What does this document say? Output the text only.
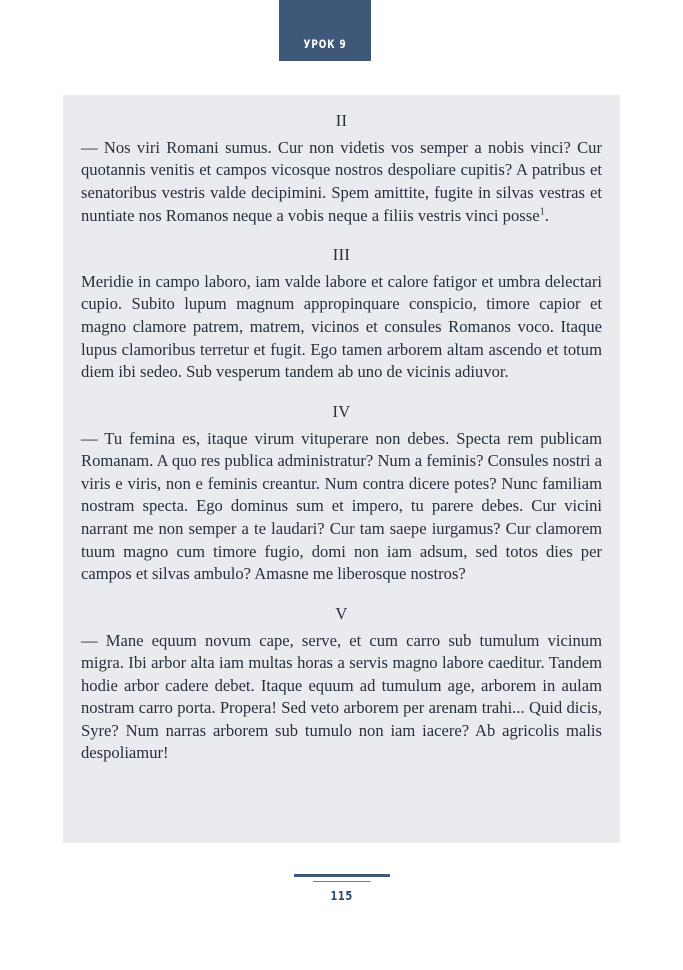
УРОК 9
II

— Nos viri Romani sumus. Cur non videtis vos semper a nobis vinci? Cur quotannis venitis et campos vicosque nostros despoliare cupitis? A patribus et senatoribus vestris valde decipimini. Spem amittite, fugite in silvas vestras et nuntiate nos Romanos neque a vobis neque a filiis vestris vinci posse$^1$.

III

Meridie in campo laboro, iam valde labore et calore fatigor et umbra delectari cupio. Subito lupum magnum appropinquare conspicio, timore capior et magno clamore patrem, matrem, vicinos et consules Romanos voco. Itaque lupus clamoribus terretur et fugit. Ego tamen arborem altam ascendo et totum diem ibi sedeo. Sub vesperum tandem ab uno de vicinis adiuvor.

IV

— Tu femina es, itaque virum vituperare non debes. Specta rem publicam Romanam. A quo res publica administratur? Num a feminis? Consules nostri a viris e viris, non e feminis creantur. Num contra dicere potes? Nunc familiam nostram specta. Ego dominus sum et impero, tu parere debes. Cur vicini narrant me non semper a te laudari? Cur tam saepe iurgamus? Cur clamorem tuum magno cum timore fugio, domi non iam adsum, sed totos dies per campos et silvas ambulo? Amasne me liberosque nostros?

V

— Mane equum novum cape, serve, et cum carro sub tumulum vicinum migra. Ibi arbor alta iam multas horas a servis magno labore caeditur. Tandem hodie arbor cadere debet. Itaque equum ad tumulum age, arborem in aulam nostram carro porta. Propera! Sed veto arborem per arenam trahi... Quid dicis, Syre? Num narras arborem sub tumulo non iam iacere? Ab agricolis malis despoliamur!

115
